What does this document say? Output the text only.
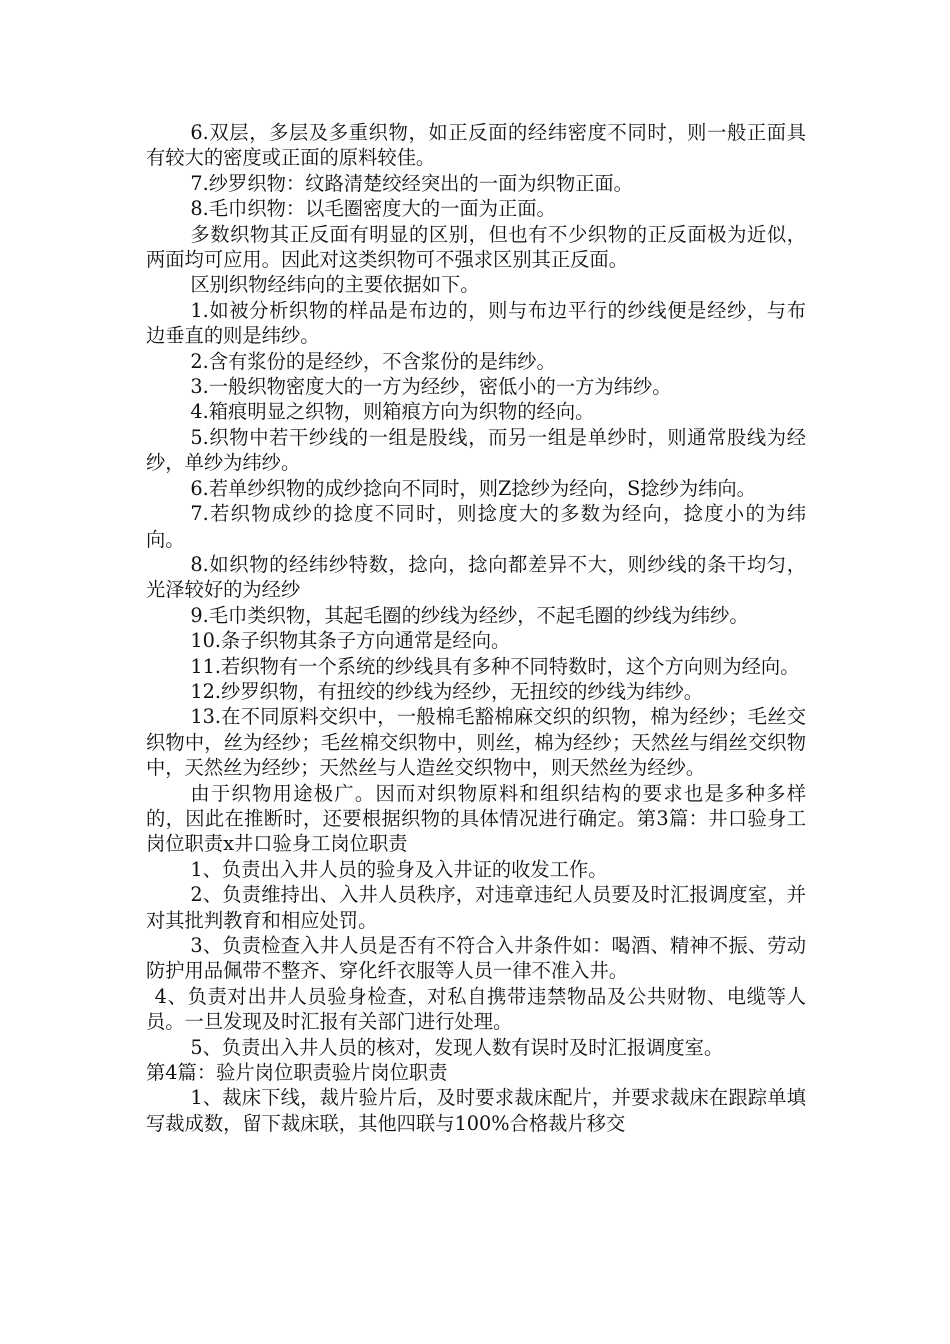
6.双层，多层及多重织物，如正反面的经纬密度不同时，则一般正面具有较大的密度或正面的原料较佳。

7.纱罗织物：纹路清楚绞经突出的一面为织物正面。

8.毛巾织物：以毛圈密度大的一面为正面。

多数织物其正反面有明显的区别，但也有不少织物的正反面极为近似，两面均可应用。因此对这类织物可不强求区别其正反面。

区别织物经纬向的主要依据如下。

1.如被分析织物的样品是布边的，则与布边平行的纱线便是经纱，与布边垂直的则是纬纱。

2.含有浆份的是经纱，不含浆份的是纬纱。

3.一般织物密度大的一方为经纱，密低小的一方为纬纱。

4.箱痕明显之织物，则箱痕方向为织物的经向。

5.织物中若干纱线的一组是股线，而另一组是单纱时，则通常股线为经纱，单纱为纬纱。

6.若单纱织物的成纱捻向不同时，则Z捻纱为经向，S捻纱为纬向。

7.若织物成纱的捻度不同时，则捻度大的多数为经向，捻度小的为纬向。

8.如织物的经纬纱特数，捻向，捻向都差异不大，则纱线的条干均匀，光泽较好的为经纱

9.毛巾类织物，其起毛圈的纱线为经纱，不起毛圈的纱线为纬纱。

10.条子织物其条子方向通常是经向。

11.若织物有一个系统的纱线具有多种不同特数时，这个方向则为经向。

12.纱罗织物，有扭绞的纱线为经纱，无扭绞的纱线为纬纱。

13.在不同原料交织中，一般棉毛豁棉麻交织的织物，棉为经纱；毛丝交织物中，丝为经纱；毛丝棉交织物中，则丝，棉为经纱；天然丝与绢丝交织物中，天然丝为经纱；天然丝与人造丝交织物中，则天然丝为经纱。

由于织物用途极广。因而对织物原料和组织结构的要求也是多种多样的，因此在推断时，还要根据织物的具体情况进行确定。第3篇：井口验身工岗位职责x井口验身工岗位职责

1、负责出入井人员的验身及入井证的收发工作。

2、负责维持出、入井人员秩序，对违章违纪人员要及时汇报调度室，并对其批判教育和相应处罚。

3、负责检查入井人员是否有不符合入井条件如：喝酒、精神不振、劳动防护用品佩带不整齐、穿化纤衣服等人员一律不准入井。

4、负责对出井人员验身检查，对私自携带违禁物品及公共财物、电缆等人员。一旦发现及时汇报有关部门进行处理。

5、负责出入井人员的核对，发现人数有误时及时汇报调度室。

第4篇：验片岗位职责验片岗位职责

1、裁床下线，裁片验片后，及时要求裁床配片，并要求裁床在跟踪单填写裁成数，留下裁床联，其他四联与100%合格裁片移交
